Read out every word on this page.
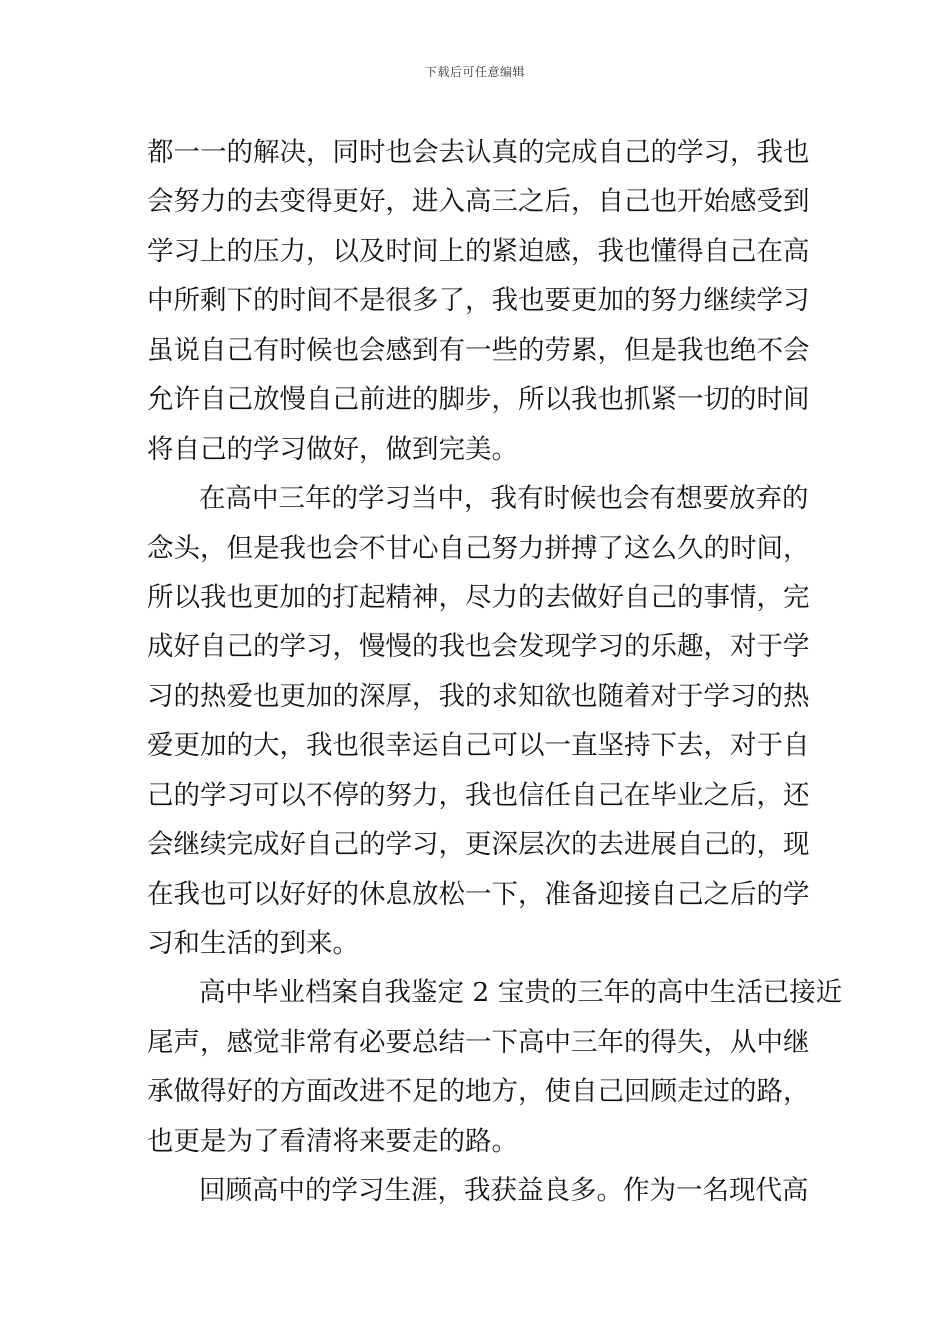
下载后可任意编辑
都一一的解决，同时也会去认真的完成自己的学习，我也
会努力的去变得更好，进入高三之后，自己也开始感受到
学习上的压力，以及时间上的紧迫感，我也懂得自己在高
中所剩下的时间不是很多了，我也要更加的努力继续学习
虽说自己有时候也会感到有一些的劳累，但是我也绝不会
允许自己放慢自己前进的脚步，所以我也抓紧一切的时间
将自己的学习做好，做到完美。
在高中三年的学习当中，我有时候也会有想要放弃的
念头，但是我也会不甘心自己努力拼搏了这么久的时间，
所以我也更加的打起精神，尽力的去做好自己的事情，完
成好自己的学习，慢慢的我也会发现学习的乐趣，对于学
习的热爱也更加的深厚，我的求知欲也随着对于学习的热
爱更加的大，我也很幸运自己可以一直坚持下去，对于自
己的学习可以不停的努力，我也信任自己在毕业之后，还
会继续完成好自己的学习，更深层次的去进展自己的，现
在我也可以好好的休息放松一下，准备迎接自己之后的学
习和生活的到来。
高中毕业档案自我鉴定 2 宝贵的三年的高中生活已接近
尾声，感觉非常有必要总结一下高中三年的得失，从中继
承做得好的方面改进不足的地方，使自己回顾走过的路，
也更是为了看清将来要走的路。
回顾高中的学习生涯，我获益良多。作为一名现代高
